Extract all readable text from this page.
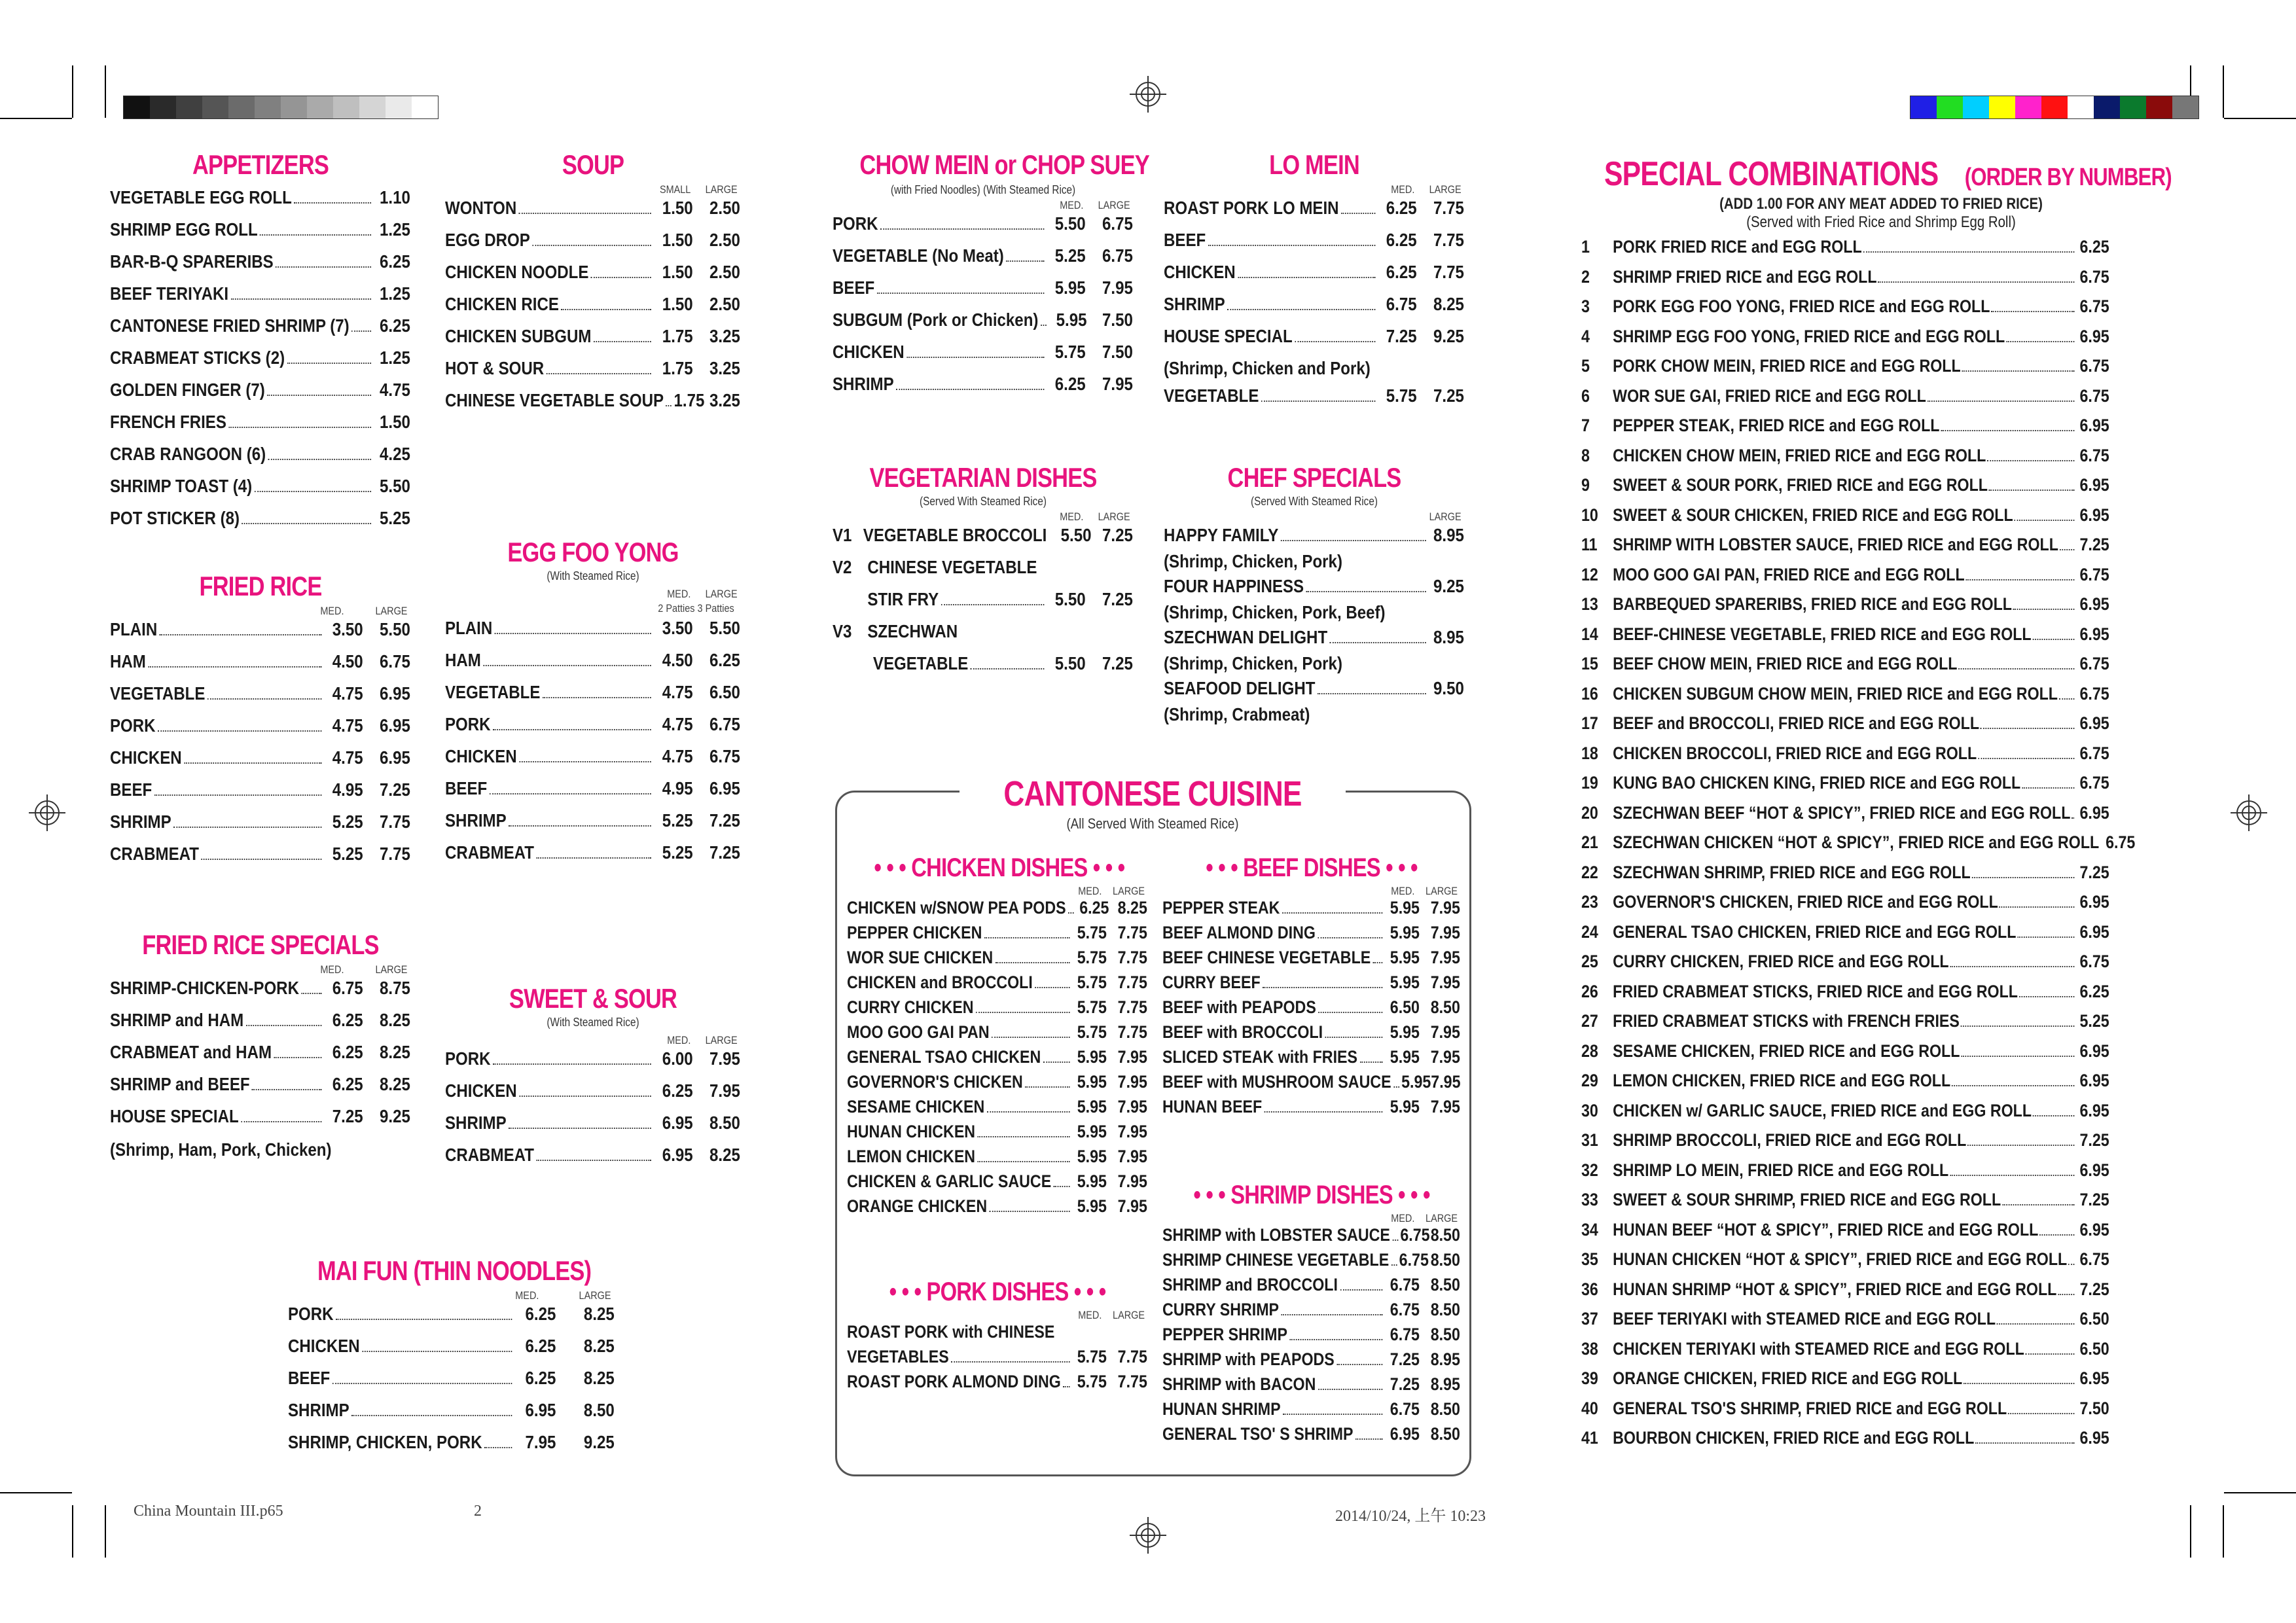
APPETIZERS
VEGETABLE EGG ROLL	1.10
SHRIMP EGG ROLL	1.25
BAR-B-Q SPARERIBS	6.25
BEEF TERIYAKI	1.25
CANTONESE FRIED SHRIMP (7)	6.25
CRABMEAT STICKS (2)	1.25
GOLDEN FINGER (7)	4.75
FRENCH FRIES	1.50
CRAB RANGOON (6)	4.25
SHRIMP TOAST (4)	5.50
POT STICKER (8)	5.25
SOUP
SMALL	LARGE
WONTON	1.50 2.50
EGG DROP	1.50 2.50
CHICKEN NOODLE	1.50 2.50
CHICKEN RICE	1.50 2.50
CHICKEN SUBGUM	1.75 3.25
HOT & SOUR	1.75 3.25
CHINESE VEGETABLE SOUP 1.75 3.25
FRIED RICE
MED.	LARGE
PLAIN	3.50 5.50
HAM	4.50 6.75
VEGETABLE	4.75 6.95
PORK	4.75 6.95
CHICKEN	4.75 6.95
BEEF	4.95 7.25
SHRIMP	5.25 7.75
CRABMEAT	5.25 7.75
EGG FOO YONG
(With Steamed Rice)
MED.	LARGE
2 Patties 3 Patties
PLAIN	3.50 5.50
HAM	4.50 6.25
VEGETABLE	4.75 6.50
PORK	4.75 6.75
CHICKEN	4.75 6.75
BEEF	4.95 6.95
SHRIMP	5.25 7.25
CRABMEAT	5.25 7.25
FRIED RICE SPECIALS
MED.	LARGE
SHRIMP-CHICKEN-PORK	6.75 8.75
SHRIMP and HAM	6.25 8.25
CRABMEAT and HAM	6.25 8.25
SHRIMP and BEEF	6.25 8.25
HOUSE SPECIAL	7.25 9.25
(Shrimp, Ham, Pork, Chicken)
SWEET & SOUR
(With Steamed Rice)
MED.	LARGE
PORK	6.00 7.95
CHICKEN	6.25 7.95
SHRIMP	6.95 8.50
CRABMEAT	6.95 8.25
MAI FUN (THIN NOODLES)
MED.	LARGE
PORK	6.25	8.25
CHICKEN	6.25	8.25
BEEF	6.25	8.25
SHRIMP	6.95	8.50
SHRIMP, CHICKEN, PORK	7.95	9.25
CHOW MEIN or CHOP SUEY
(with Fried Noodles) (With Steamed Rice)
MED.	LARGE
PORK	5.50 6.75
VEGETABLE (No Meat)	5.25 6.75
BEEF	5.95 7.95
SUBGUM (Pork or Chicken) 5.95 7.50
CHICKEN	5.75 7.50
SHRIMP	6.25 7.95
LO MEIN
MED.	LARGE
ROAST PORK LO MEIN	6.25 7.75
BEEF	6.25 7.75
CHICKEN	6.25 7.75
SHRIMP	6.75 8.25
HOUSE SPECIAL	7.25 9.25
(Shrimp, Chicken and Pork)
VEGETABLE	5.75 7.25
VEGETARIAN DISHES
(Served With Steamed Rice)
MED.	LARGE
V1 VEGETABLE BROCCOLI 5.50 7.25
V2 CHINESE VEGETABLE
STIR FRY	5.50 7.25
V3 SZECHWAN
VEGETABLE	5.50 7.25
CHEF SPECIALS
(Served With Steamed Rice)
LARGE
HAPPY FAMILY	8.95
(Shrimp, Chicken, Pork)
FOUR HAPPINESS	9.25
(Shrimp, Chicken, Pork, Beef)
SZECHWAN DELIGHT	8.95
(Shrimp, Chicken, Pork)
SEAFOOD DELIGHT	9.50
(Shrimp, Crabmeat)
CANTONESE CUISINE
(All Served With Steamed Rice)
• • • CHICKEN DISHES • • •
MED. LARGE
CHICKEN w/SNOW PEA PODS 6.25 8.25
PEPPER CHICKEN	5.75 7.75
WOR SUE CHICKEN	5.75 7.75
CHICKEN and BROCCOLI	5.75 7.75
CURRY CHICKEN	5.75 7.75
MOO GOO GAI PAN	5.75 7.75
GENERAL TSAO CHICKEN	5.95 7.95
GOVERNOR'S CHICKEN	5.95 7.95
SESAME CHICKEN	5.95 7.95
HUNAN CHICKEN	5.95 7.95
LEMON CHICKEN	5.95 7.95
CHICKEN & GARLIC SAUCE	5.95 7.95
ORANGE CHICKEN	5.95 7.95
• • • BEEF DISHES • • •
MED. LARGE
PEPPER STEAK	5.95 7.95
BEEF ALMOND DING	5.95 7.95
BEEF CHINESE VEGETABLE	5.95 7.95
CURRY BEEF	5.95 7.95
BEEF with PEAPODS	6.50 8.50
BEEF with BROCCOLI	5.95 7.95
SLICED STEAK with FRIES	5.95 7.95
BEEF with MUSHROOM SAUCE 5.95 7.95
HUNAN BEEF	5.95 7.95
• • • SHRIMP DISHES • • •
MED. LARGE
SHRIMP with LOBSTER SAUCE 6.75 8.50
SHRIMP CHINESE VEGETABLE 6.75 8.50
SHRIMP and BROCCOLI	6.75 8.50
CURRY SHRIMP	6.75 8.50
PEPPER SHRIMP	6.75 8.50
SHRIMP with PEAPODS	7.25 8.95
SHRIMP with BACON	7.25 8.95
HUNAN SHRIMP	6.75 8.50
GENERAL TSO' S SHRIMP	6.95 8.50
• • • PORK DISHES • • •
MED. LARGE
ROAST PORK with CHINESE
VEGETABLES	5.75 7.75
ROAST PORK ALMOND DING 5.75 7.75
SPECIAL COMBINATIONS (ORDER BY NUMBER)
(ADD 1.00 FOR ANY MEAT ADDED TO FRIED RICE)
(Served with Fried Rice and Shrimp Egg Roll)
1	PORK FRIED RICE and EGG ROLL	6.25
2	SHRIMP FRIED RICE and EGG ROLL	6.75
3	PORK EGG FOO YONG, FRIED RICE and EGG ROLL	6.75
4	SHRIMP EGG FOO YONG, FRIED RICE and EGG ROLL	6.95
5	PORK CHOW MEIN, FRIED RICE and EGG ROLL	6.75
6	WOR SUE GAI, FRIED RICE and EGG ROLL	6.75
7	PEPPER STEAK, FRIED RICE and EGG ROLL	6.95
8	CHICKEN CHOW MEIN, FRIED RICE and EGG ROLL	6.75
9	SWEET & SOUR PORK, FRIED RICE and EGG ROLL	6.95
10 SWEET & SOUR CHICKEN, FRIED RICE and EGG ROLL	6.95
11 SHRIMP WITH LOBSTER SAUCE, FRIED RICE and EGG ROLL 7.25
12 MOO GOO GAI PAN, FRIED RICE and EGG ROLL	6.75
13 BARBEQUED SPARERIBS, FRIED RICE and EGG ROLL	6.95
14 BEEF-CHINESE VEGETABLE, FRIED RICE and EGG ROLL	6.95
15 BEEF CHOW MEIN, FRIED RICE and EGG ROLL	6.75
16 CHICKEN SUBGUM CHOW MEIN, FRIED RICE and EGG ROLL 6.75
17 BEEF and BROCCOLI, FRIED RICE and EGG ROLL	6.95
18 CHICKEN BROCCOLI, FRIED RICE and EGG ROLL	6.75
19 KUNG BAO CHICKEN KING, FRIED RICE and EGG ROLL	6.75
20 SZECHWAN BEEF “HOT & SPICY”, FRIED RICE and EGG ROLL 6.95
21 SZECHWAN CHICKEN “HOT & SPICY”, FRIED RICE and EGG ROLL 6.75
22 SZECHWAN SHRIMP, FRIED RICE and EGG ROLL	7.25
23 GOVERNOR'S CHICKEN, FRIED RICE and EGG ROLL	6.95
24 GENERAL TSAO CHICKEN, FRIED RICE and EGG ROLL	6.95
25 CURRY CHICKEN, FRIED RICE and EGG ROLL	6.75
26 FRIED CRABMEAT STICKS, FRIED RICE and EGG ROLL	6.25
27 FRIED CRABMEAT STICKS with FRENCH FRIES	5.25
28 SESAME CHICKEN, FRIED RICE and EGG ROLL	6.95
29 LEMON CHICKEN, FRIED RICE and EGG ROLL	6.95
30 CHICKEN w/ GARLIC SAUCE, FRIED RICE and EGG ROLL	6.95
31 SHRIMP BROCCOLI, FRIED RICE and EGG ROLL	7.25
32 SHRIMP LO MEIN, FRIED RICE and EGG ROLL	6.95
33 SWEET & SOUR SHRIMP, FRIED RICE and EGG ROLL	7.25
34 HUNAN BEEF “HOT & SPICY”, FRIED RICE and EGG ROLL 6.95
35 HUNAN CHICKEN “HOT & SPICY”, FRIED RICE and EGG ROLL 6.75
36 HUNAN SHRIMP “HOT & SPICY”, FRIED RICE and EGG ROLL 7.25
37 BEEF TERIYAKI with STEAMED RICE and EGG ROLL	6.50
38 CHICKEN TERIYAKI with STEAMED RICE and EGG ROLL	6.50
39 ORANGE CHICKEN, FRIED RICE and EGG ROLL	6.95
40 GENERAL TSO'S SHRIMP, FRIED RICE and EGG ROLL	7.50
41 BOURBON CHICKEN, FRIED RICE and EGG ROLL	6.95
China Mountain III.p65	2	2014/10/24, 上午 10:23
